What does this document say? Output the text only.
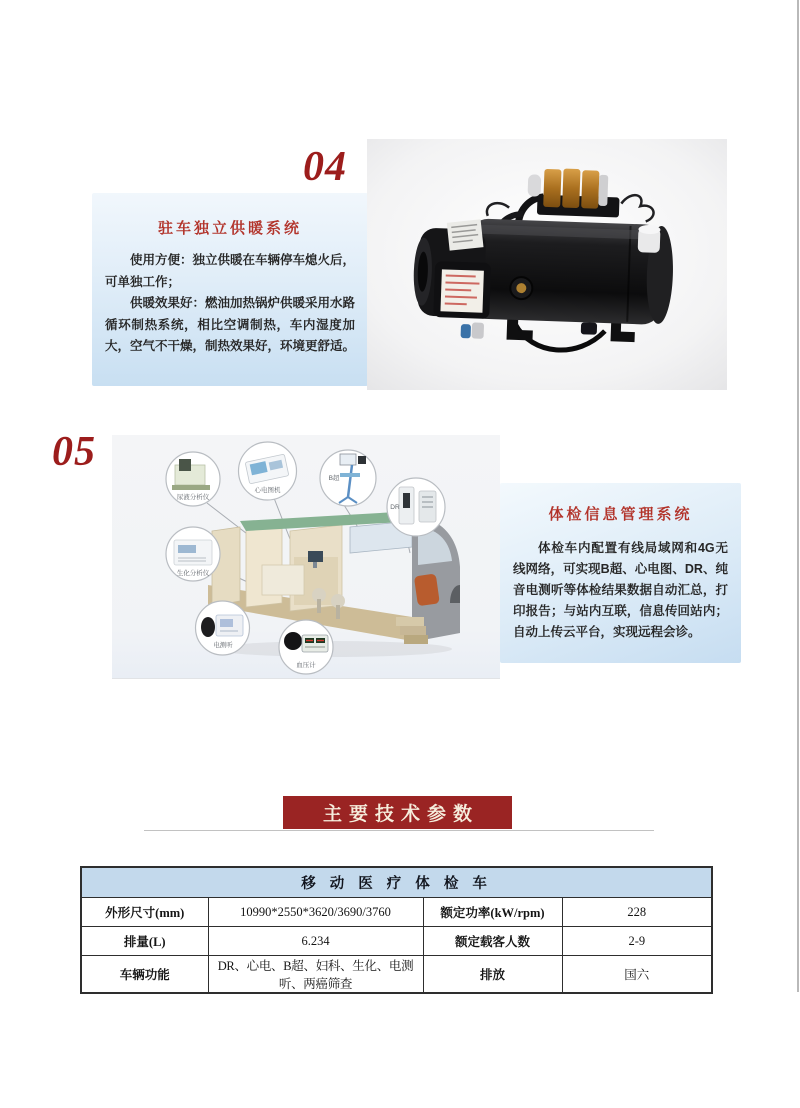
04
驻车独立供暖系统

使用方便：独立供暖在车辆停车熄火后，可单独工作；

供暖效果好：燃油加热锅炉供暖采用水路循环制热系统，相比空调制热，车内湿度加大，空气不干燥，制热效果好，环境更舒适。

05
尿液分析仪
心电图机
B超
DR
生化分析仪
电测听
血压计
体检信息管理系统

体检车内配置有线局域网和4G无线网络，可实现B超、心电图、DR、纯音电测听等体检结果数据自动汇总，打印报告；与站内互联，信息传回站内；自动上传云平台，实现远程会诊。

主要技术参数
移 动 医 疗 体 检 车			
外形尺寸(mm)	10990*2550*3620/3690/3760	额定功率(kW/rpm)	228
排量(L)	6.234	额定载客人数	2-9
车辆功能	DR、心电、B超、妇科、生化、电测听、两癌筛查	排放	国六
